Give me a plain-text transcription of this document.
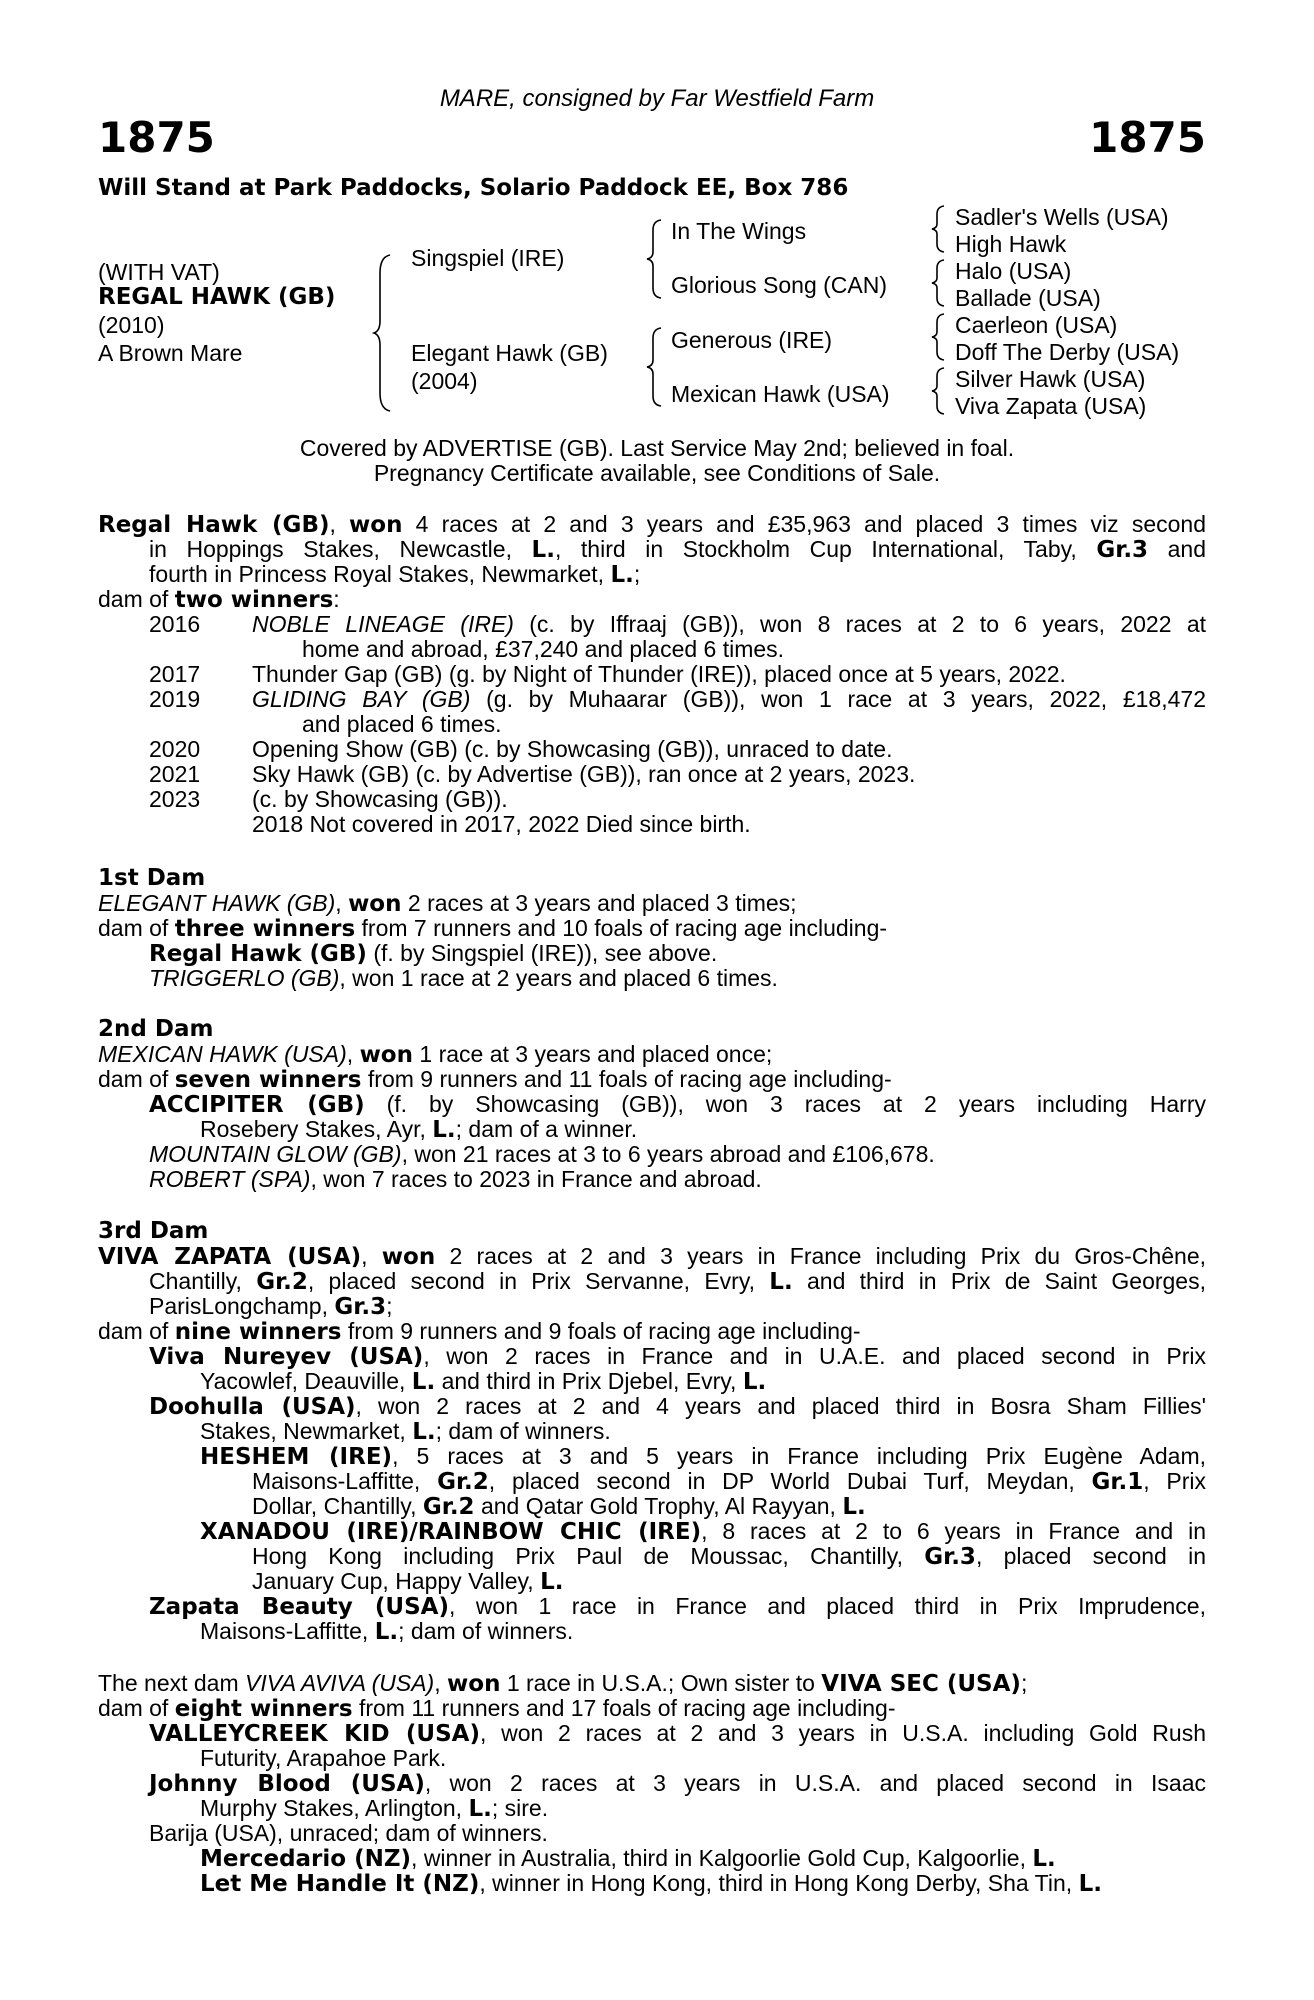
MARE, consigned by Far Westfield Farm
1875	1875
Will Stand at Park Paddocks, Solario Paddock EE, Box 786
(WITH VAT)
REGAL HAWK (GB)
(2010)
A Brown Mare
Singspiel (IRE)
Elegant Hawk (GB)
(2004)
In The Wings
Glorious Song (CAN)
Generous (IRE)
Mexican Hawk (USA)
Sadler's Wells (USA)
High Hawk
Halo (USA)
Ballade (USA)
Caerleon (USA)
Doff The Derby (USA)
Silver Hawk (USA)
Viva Zapata (USA)
Covered by ADVERTISE (GB). Last Service May 2nd; believed in foal.
Pregnancy Certificate available, see Conditions of Sale.
Regal Hawk (GB), won 4 races at 2 and 3 years and £35,963 and placed 3 times viz second
in Hoppings Stakes, Newcastle, L., third in Stockholm Cup International, Taby, Gr.3 and
fourth in Princess Royal Stakes, Newmarket, L.;
dam of two winners:
2016 NOBLE LINEAGE (IRE) (c. by Iffraaj (GB)), won 8 races at 2 to 6 years, 2022 at
home and abroad, £37,240 and placed 6 times.
2017 Thunder Gap (GB) (g. by Night of Thunder (IRE)), placed once at 5 years, 2022.
2019 GLIDING BAY (GB) (g. by Muhaarar (GB)), won 1 race at 3 years, 2022, £18,472
and placed 6 times.
2020 Opening Show (GB) (c. by Showcasing (GB)), unraced to date.
2021 Sky Hawk (GB) (c. by Advertise (GB)), ran once at 2 years, 2023.
2023 (c. by Showcasing (GB)).
2018 Not covered in 2017, 2022 Died since birth.
1st Dam
ELEGANT HAWK (GB), won 2 races at 3 years and placed 3 times;
dam of three winners from 7 runners and 10 foals of racing age including-
Regal Hawk (GB) (f. by Singspiel (IRE)), see above.
TRIGGERLO (GB), won 1 race at 2 years and placed 6 times.
2nd Dam
MEXICAN HAWK (USA), won 1 race at 3 years and placed once;
dam of seven winners from 9 runners and 11 foals of racing age including-
ACCIPITER (GB) (f. by Showcasing (GB)), won 3 races at 2 years including Harry
Rosebery Stakes, Ayr, L.; dam of a winner.
MOUNTAIN GLOW (GB), won 21 races at 3 to 6 years abroad and £106,678.
ROBERT (SPA), won 7 races to 2023 in France and abroad.
3rd Dam
VIVA ZAPATA (USA), won 2 races at 2 and 3 years in France including Prix du Gros-Chêne,
Chantilly, Gr.2, placed second in Prix Servanne, Evry, L. and third in Prix de Saint Georges,
ParisLongchamp, Gr.3;
dam of nine winners from 9 runners and 9 foals of racing age including-
Viva Nureyev (USA), won 2 races in France and in U.A.E. and placed second in Prix
Yacowlef, Deauville, L. and third in Prix Djebel, Evry, L.
Doohulla (USA), won 2 races at 2 and 4 years and placed third in Bosra Sham Fillies'
Stakes, Newmarket, L.; dam of winners.
HESHEM (IRE), 5 races at 3 and 5 years in France including Prix Eugène Adam,
Maisons-Laffitte, Gr.2, placed second in DP World Dubai Turf, Meydan, Gr.1, Prix
Dollar, Chantilly, Gr.2 and Qatar Gold Trophy, Al Rayyan, L.
XANADOU (IRE)/RAINBOW CHIC (IRE), 8 races at 2 to 6 years in France and in
Hong Kong including Prix Paul de Moussac, Chantilly, Gr.3, placed second in
January Cup, Happy Valley, L.
Zapata Beauty (USA), won 1 race in France and placed third in Prix Imprudence,
Maisons-Laffitte, L.; dam of winners.
The next dam VIVA AVIVA (USA), won 1 race in U.S.A.; Own sister to VIVA SEC (USA);
dam of eight winners from 11 runners and 17 foals of racing age including-
VALLEYCREEK KID (USA), won 2 races at 2 and 3 years in U.S.A. including Gold Rush
Futurity, Arapahoe Park.
Johnny Blood (USA), won 2 races at 3 years in U.S.A. and placed second in Isaac
Murphy Stakes, Arlington, L.; sire.
Barija (USA), unraced; dam of winners.
Mercedario (NZ), winner in Australia, third in Kalgoorlie Gold Cup, Kalgoorlie, L.
Let Me Handle It (NZ), winner in Hong Kong, third in Hong Kong Derby, Sha Tin, L.
